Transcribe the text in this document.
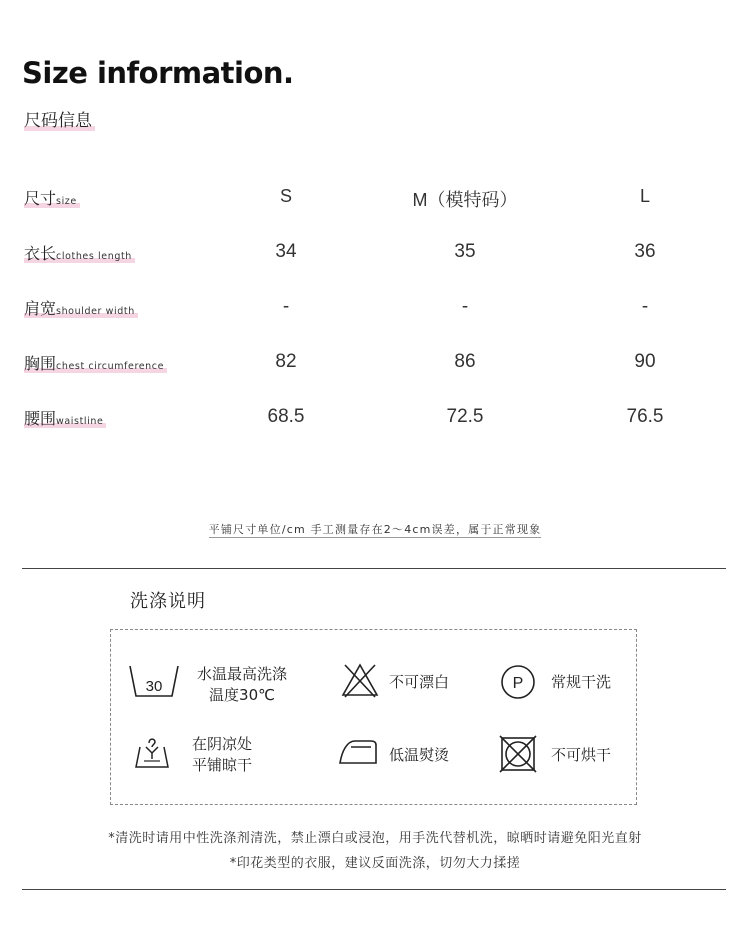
Size information.
尺码信息
尺寸size	S	M（模特码）	L
衣长clothes length	34	35	36
肩宽shoulder width	-	-	-
胸围chest circumference	82	86	90
腰围waistline	68.5	72.5	76.5
平铺尺寸单位/cm 手工测量存在2～4cm误差，属于正常现象
洗涤说明
30
水温最高洗涤
温度30℃
不可漂白	P 常规干洗
在阴凉处
平铺晾干
低温熨烫	不可烘干
*清洗时请用中性洗涤剂清洗，禁止漂白或浸泡，用手洗代替机洗，晾晒时请避免阳光直射
*印花类型的衣服，建议反面洗涤，切勿大力揉搓
